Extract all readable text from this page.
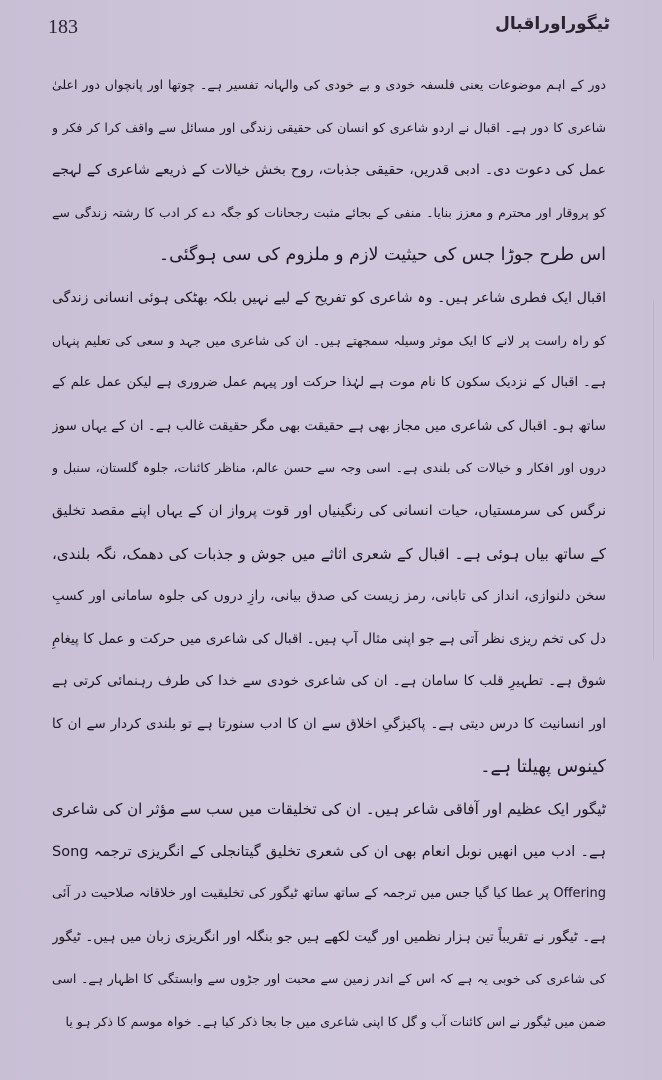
183	ٹیگوراوراقبال
دور کے اہم موضوعات یعنی فلسفہ خودی و بے خودی کی والہانہ تفسیر ہے۔ چوتھا اور پانچواں دور اعلیٰ
شاعری کا دور ہے۔ اقبال نے اردو شاعری کو انسان کی حقیقی زندگی اور مسائل سے واقف کرا کر فکر و
عمل کی دعوت دی۔ ادبی قدریں، حقیقی جذبات، روح بخش خیالات کے ذریعے شاعری کے لہجے
کو پروقار اور محترم و معزز بنایا۔ منفی کے بجائے مثبت رجحانات کو جگہ دے کر ادب کا رشتہ زندگی سے
اس طرح جوڑا جس کی حیثیت لازم و ملزوم کی سی ہوگئی۔
اقبال ایک فطری شاعر ہیں۔ وہ شاعری کو تفریح کے لیے نہیں بلکہ بھٹکی ہوئی انسانی زندگی
کو راہ راست پر لانے کا ایک موثر وسیلہ سمجھتے ہیں۔ ان کی شاعری میں جہد و سعی کی تعلیم پنہاں
ہے۔ اقبال کے نزدیک سکون کا نام موت ہے لہٰذا حرکت اور پیہم عمل ضروری ہے لیکن عمل علم کے
ساتھ ہو۔ اقبال کی شاعری میں مجاز بھی ہے حقیقت بھی مگر حقیقت غالب ہے۔ ان کے یہاں سوز
دروں اور افکار و خیالات کی بلندی ہے۔ اسی وجہ سے حسن عالم، مناظر کائنات، جلوہ گلستان، سنبل و
نرگس کی سرمستیاں، حیات انسانی کی رنگینیاں اور قوت پرواز ان کے یہاں اپنے مقصد تخلیق
کے ساتھ بیاں ہوئی ہے۔ اقبال کے شعری اثاثے میں جوش و جذبات کی دھمک، نگہ بلندی،
سخن دلنوازی، انداز کی تابانی، رمز زیست کی صدق بیانی، رازِ دروں کی جلوہ سامانی اور کسبِ
دل کی تخم ریزی نظر آتی ہے جو اپنی مثال آپ ہیں۔ اقبال کی شاعری میں حرکت و عمل کا پیغامِ
شوق ہے۔ تطہیرِ قلب کا سامان ہے۔ ان کی شاعری خودی سے خدا کی طرف رہنمائی کرتی ہے
اور انسانیت کا درس دیتی ہے۔ پاکیزگیِ اخلاق سے ان کا ادب سنورتا ہے تو بلندی کردار سے ان کا
کینوس پھیلتا ہے۔
ٹیگور ایک عظیم اور آفاقی شاعر ہیں۔ ان کی تخلیقات میں سب سے مؤثر ان کی شاعری
ہے۔ ادب میں انھیں نوبل انعام بھی ان کی شعری تخلیق گیتانجلی کے انگریزی ترجمہ Song
Offering پر عطا کیا گیا جس میں ترجمہ کے ساتھ ساتھ ٹیگور کی تخلیقیت اور خلاقانہ صلاحیت در آئی
ہے۔ ٹیگور نے تقریباً تین ہزار نظمیں اور گیت لکھے ہیں جو بنگلہ اور انگریزی زبان میں ہیں۔ ٹیگور
کی شاعری کی خوبی یہ ہے کہ اس کے اندر زمین سے محبت اور جڑوں سے وابستگی کا اظہار ہے۔ اسی
ضمن میں ٹیگور نے اس کائنات آب و گل کا اپنی شاعری میں جا بجا ذکر کیا ہے۔ خواہ موسم کا ذکر ہو یا
